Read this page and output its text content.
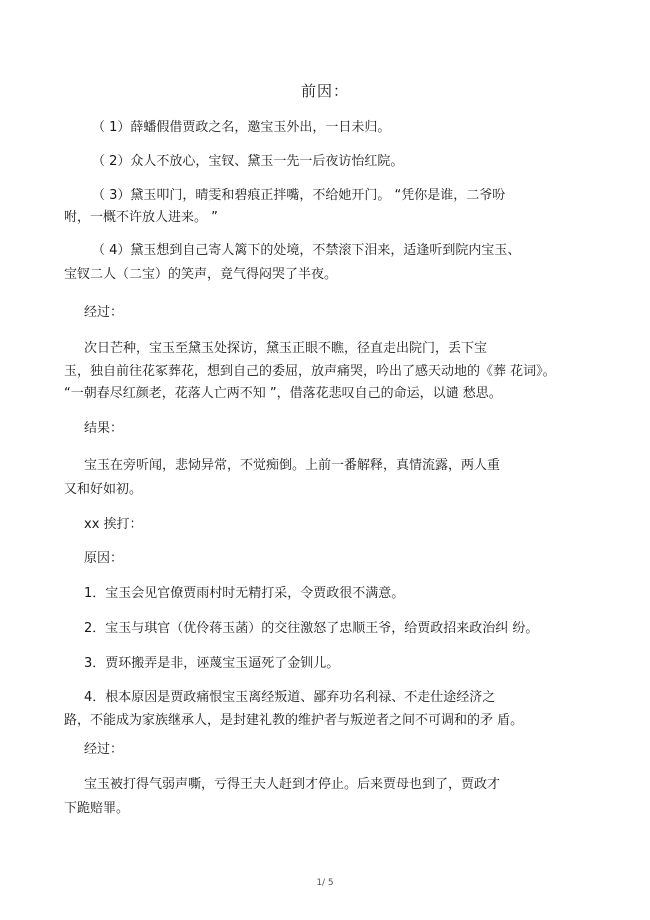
前因：
（ 1）薛蟠假借贾政之名，邀宝玉外出，一日未归。
（ 2）众人不放心，宝钗、黛玉一先一后夜访怡红院。
（ 3）黛玉叩门，晴雯和碧痕正拌嘴，不给她开门。 “凭你是谁，二爷吩
咐，一概不许放人进来。 ”
（ 4）黛玉想到自己寄人篱下的处境，不禁滚下泪来，适逢听到院内宝玉、
宝钗二人（二宝）的笑声，竟气得闷哭了半夜。
经过：
次日芒种，宝玉至黛玉处探访，黛玉正眼不瞧，径直走出院门，丢下宝
玉，独自前往花冢葬花，想到自己的委屈，放声痛哭，吟出了感天动地的《葬 花词》。
“一朝春尽红颜老，花落人亡两不知 ”，借落花悲叹自己的命运，以谴 愁思。
结果：
宝玉在旁听闻，悲恸异常，不觉痴倒。上前一番解释，真情流露，两人重
又和好如初。
xx 挨打：
原因：
1．宝玉会见官僚贾雨村时无精打采，令贾政很不满意。
2．宝玉与琪官（优伶蒋玉菡）的交往激怒了忠顺王爷，给贾政招来政治纠 纷。
3．贾环搬弄是非，诬蔑宝玉逼死了金钏儿。
4．根本原因是贾政痛恨宝玉离经叛道、鄙弃功名利禄、不走仕途经济之
路，不能成为家族继承人，是封建礼教的维护者与叛逆者之间不可调和的矛 盾。
经过：
宝玉被打得气弱声嘶，亏得王夫人赶到才停止。后来贾母也到了，贾政才
下跪赔罪。
1/ 5
